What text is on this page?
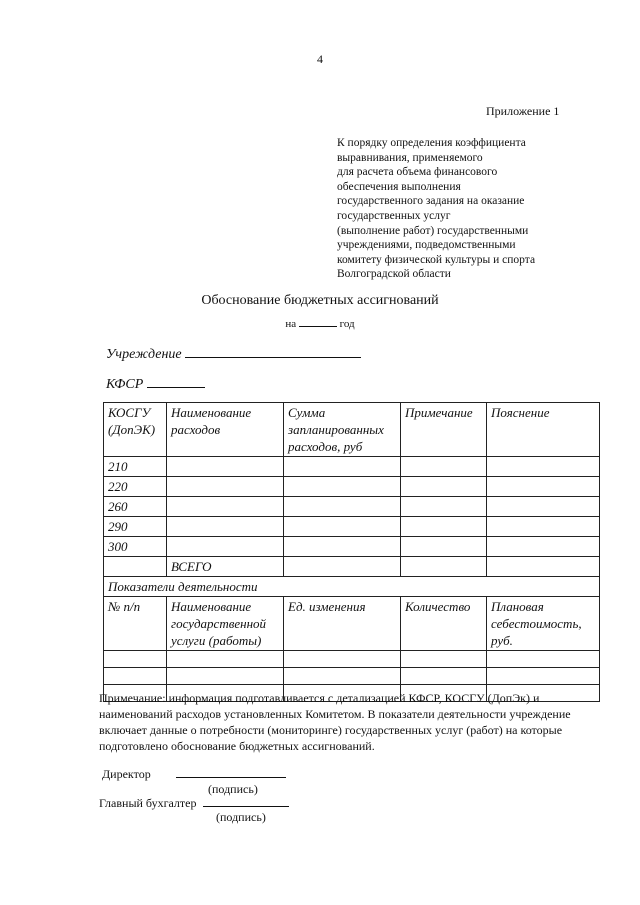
4
Приложение 1
К порядку определения коэффициента
выравнивания, применяемого
для расчета объема финансового
обеспечения выполнения
государственного задания на оказание
государственных услуг
(выполнение работ) государственными
учреждениями, подведомственными
комитету физической культуры и спорта
Волгоградской области
Обоснование бюджетных ассигнований
на	год
Учреждение
КФСР
КОСГУ (ДопЭК)	Наименование расходов	Сумма запланированных расходов, руб	Примечание	Пояснение
210				
220				
260				
290				
300				
	ВСЕГО			
Показатели деятельности				
№ п/п	Наименование государственной услуги (работы)	Ед. изменения	Количество	Плановая себестоимость, руб.

Примечание: информация подготавливается с детализацией КФСР, КОСГУ (ДопЭк) и наименований расходов установленных Комитетом. В показатели деятельности учреждение включает данные о потребности (мониторинге) государственных услуг (работ) на которые подготовлено обоснование бюджетных ассигнований.
Директор
(подпись)
Главный бухгалтер
(подпись)
